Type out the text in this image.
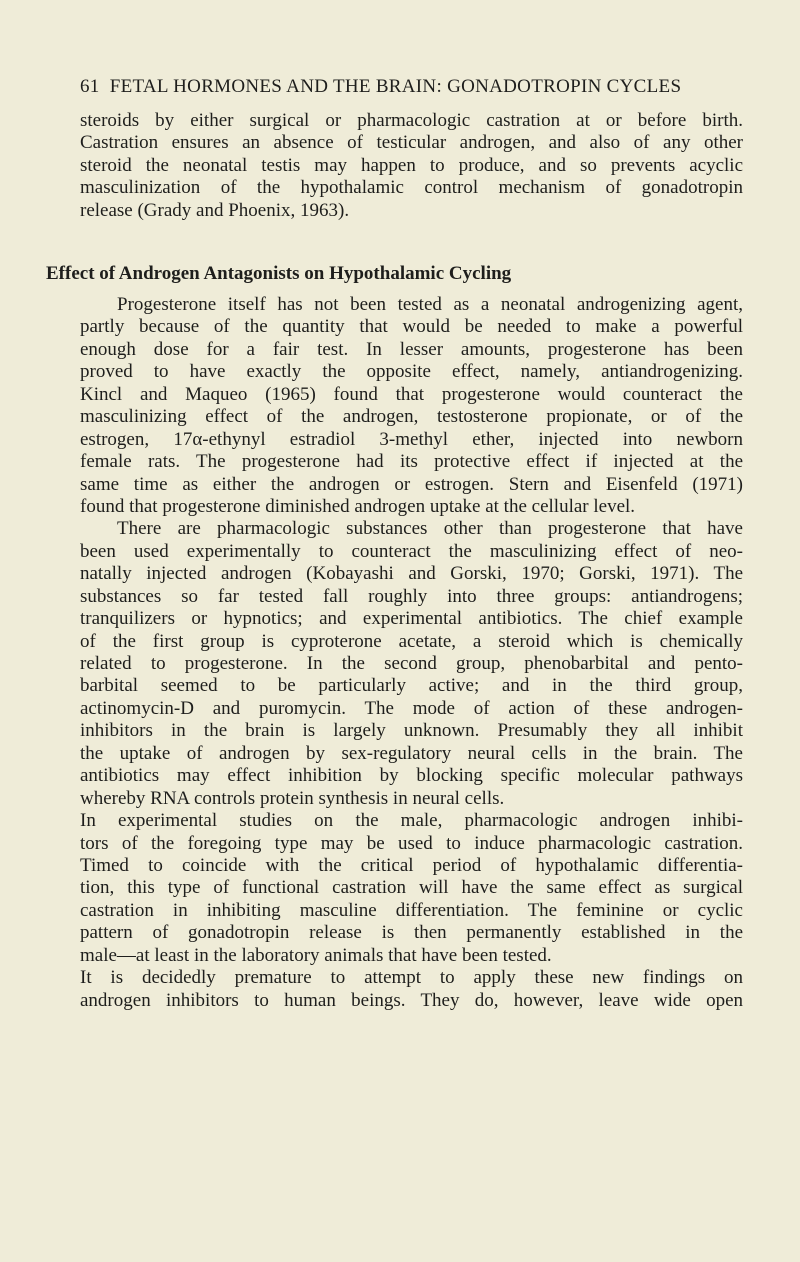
61 FETAL HORMONES AND THE BRAIN: GONADOTROPIN CYCLES
steroids by either surgical or pharmacologic castration at or before birth.
Castration ensures an absence of testicular androgen, and also of any other
steroid the neonatal testis may happen to produce, and so prevents acyclic
masculinization of the hypothalamic control mechanism of gonadotropin
release (Grady and Phoenix, 1963).
Effect of Androgen Antagonists on Hypothalamic Cycling
Progesterone itself has not been tested as a neonatal androgenizing agent,
partly because of the quantity that would be needed to make a powerful
enough dose for a fair test. In lesser amounts, progesterone has been
proved to have exactly the opposite effect, namely, antiandrogenizing.
Kincl and Maqueo (1965) found that progesterone would counteract the
masculinizing effect of the androgen, testosterone propionate, or of the
estrogen, 17α-ethynyl estradiol 3-methyl ether, injected into newborn
female rats. The progesterone had its protective effect if injected at the
same time as either the androgen or estrogen. Stern and Eisenfeld (1971)
found that progesterone diminished androgen uptake at the cellular level.
There are pharmacologic substances other than progesterone that have
been used experimentally to counteract the masculinizing effect of neo-
natally injected androgen (Kobayashi and Gorski, 1970; Gorski, 1971). The
substances so far tested fall roughly into three groups: antiandrogens;
tranquilizers or hypnotics; and experimental antibiotics. The chief example
of the first group is cyproterone acetate, a steroid which is chemically
related to progesterone. In the second group, phenobarbital and pento-
barbital seemed to be particularly active; and in the third group,
actinomycin-D and puromycin. The mode of action of these androgen-
inhibitors in the brain is largely unknown. Presumably they all inhibit
the uptake of androgen by sex-regulatory neural cells in the brain. The
antibiotics may effect inhibition by blocking specific molecular pathways
whereby RNA controls protein synthesis in neural cells.
In experimental studies on the male, pharmacologic androgen inhibi-
tors of the foregoing type may be used to induce pharmacologic castration.
Timed to coincide with the critical period of hypothalamic differentia-
tion, this type of functional castration will have the same effect as surgical
castration in inhibiting masculine differentiation. The feminine or cyclic
pattern of gonadotropin release is then permanently established in the
male—at least in the laboratory animals that have been tested.
It is decidedly premature to attempt to apply these new findings on
androgen inhibitors to human beings. They do, however, leave wide open
